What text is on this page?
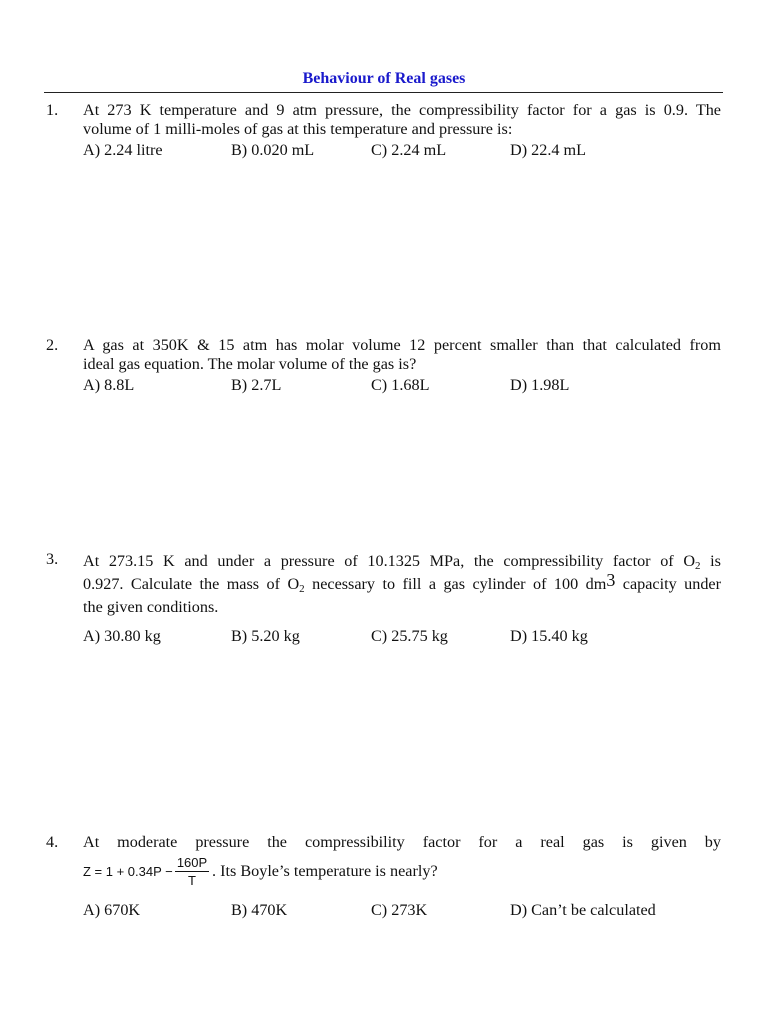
Behaviour of Real gases
1. At 273 K temperature and 9 atm pressure, the compressibility factor for a gas is 0.9. The
volume of 1 milli-moles of gas at this temperature and pressure is:
A) 2.24 litre	B) 0.020 mL	C) 2.24 mL	D) 22.4 mL
2. A gas at 350K & 15 atm has molar volume 12 percent smaller than that calculated from
ideal gas equation. The molar volume of the gas is?
A) 8.8L	B) 2.7L	C) 1.68L	D) 1.98L
3. At 273.15 K and under a pressure of 10.1325 MPa, the compressibility factor of $O_2$ is
0.927. Calculate the mass of $O_2$ necessary to fill a gas cylinder of 100 $dm^3$ capacity under
the given conditions.
A) 30.80 kg	B) 5.20 kg	C) 25.75 kg	D) 15.40 kg
4. At moderate pressure the compressibility factor for a real gas is given by
Z = 1 + 0.34P −
160P
T
. Its Boyle’s temperature is nearly?
A) 670K	B) 470K	C) 273K	D) Can’t be calculated
